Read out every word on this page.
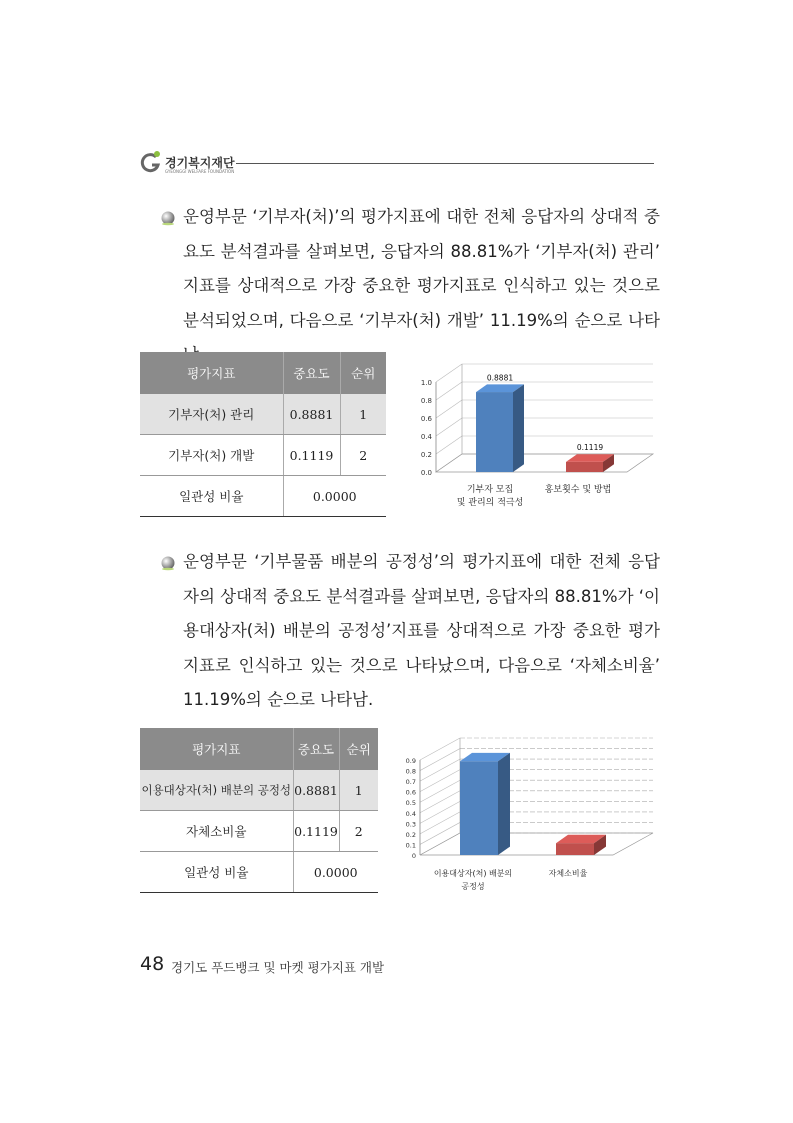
경기복지재단
GYEONGGI WELFARE FOUNDATION
운영부문 ‘기부자(처)’의 평가지표에 대한 전체 응답자의 상대적 중요도 분석결과를 살펴보면, 응답자의 88.81%가 ‘기부자(처) 관리’ 지표를 상대적으로 가장 중요한 평가지표로 인식하고 있는 것으로 분석되었으며, 다음으로 ‘기부자(처) 개발’ 11.19%의 순으로 나타
평가지표	중요도	순위
기부자(처) 관리	0.8881	1
기부자(처) 개발	0.1119	2
일관성 비율	0.0000	
1.0
0.8
0.6
0.4
0.2
0.0
0.8881
기부자 모집
및 관리의 적극성
0.1119
홍보횟수 및 방법
운영부문 ‘기부물품 배분의 공정성’의 평가지표에 대한 전체 응답자의 상대적 중요도 분석결과를 살펴보면, 응답자의 88.81%가 ‘이용대상자(처) 배분의 공정성’지표를 상대적으로 가장 중요한 평가지표로 인식하고 있는 것으로 나타났으며, 다음으로 ‘자체소비율’ 11.19%의 순으로 나타남.
평가지표	중요도	순위
이용대상자(처) 배분의 공정성	0.8881	1
자체소비율	0.1119	2
일관성 비율	0.0000	
0.9
0.8
0.7
0.6
0.5
0.4
0.3
0.2
0.1
0
이용대상자(처) 배분의
공정성
자체소비율
48 경기도 푸드뱅크 및 마켓 평가지표 개발
